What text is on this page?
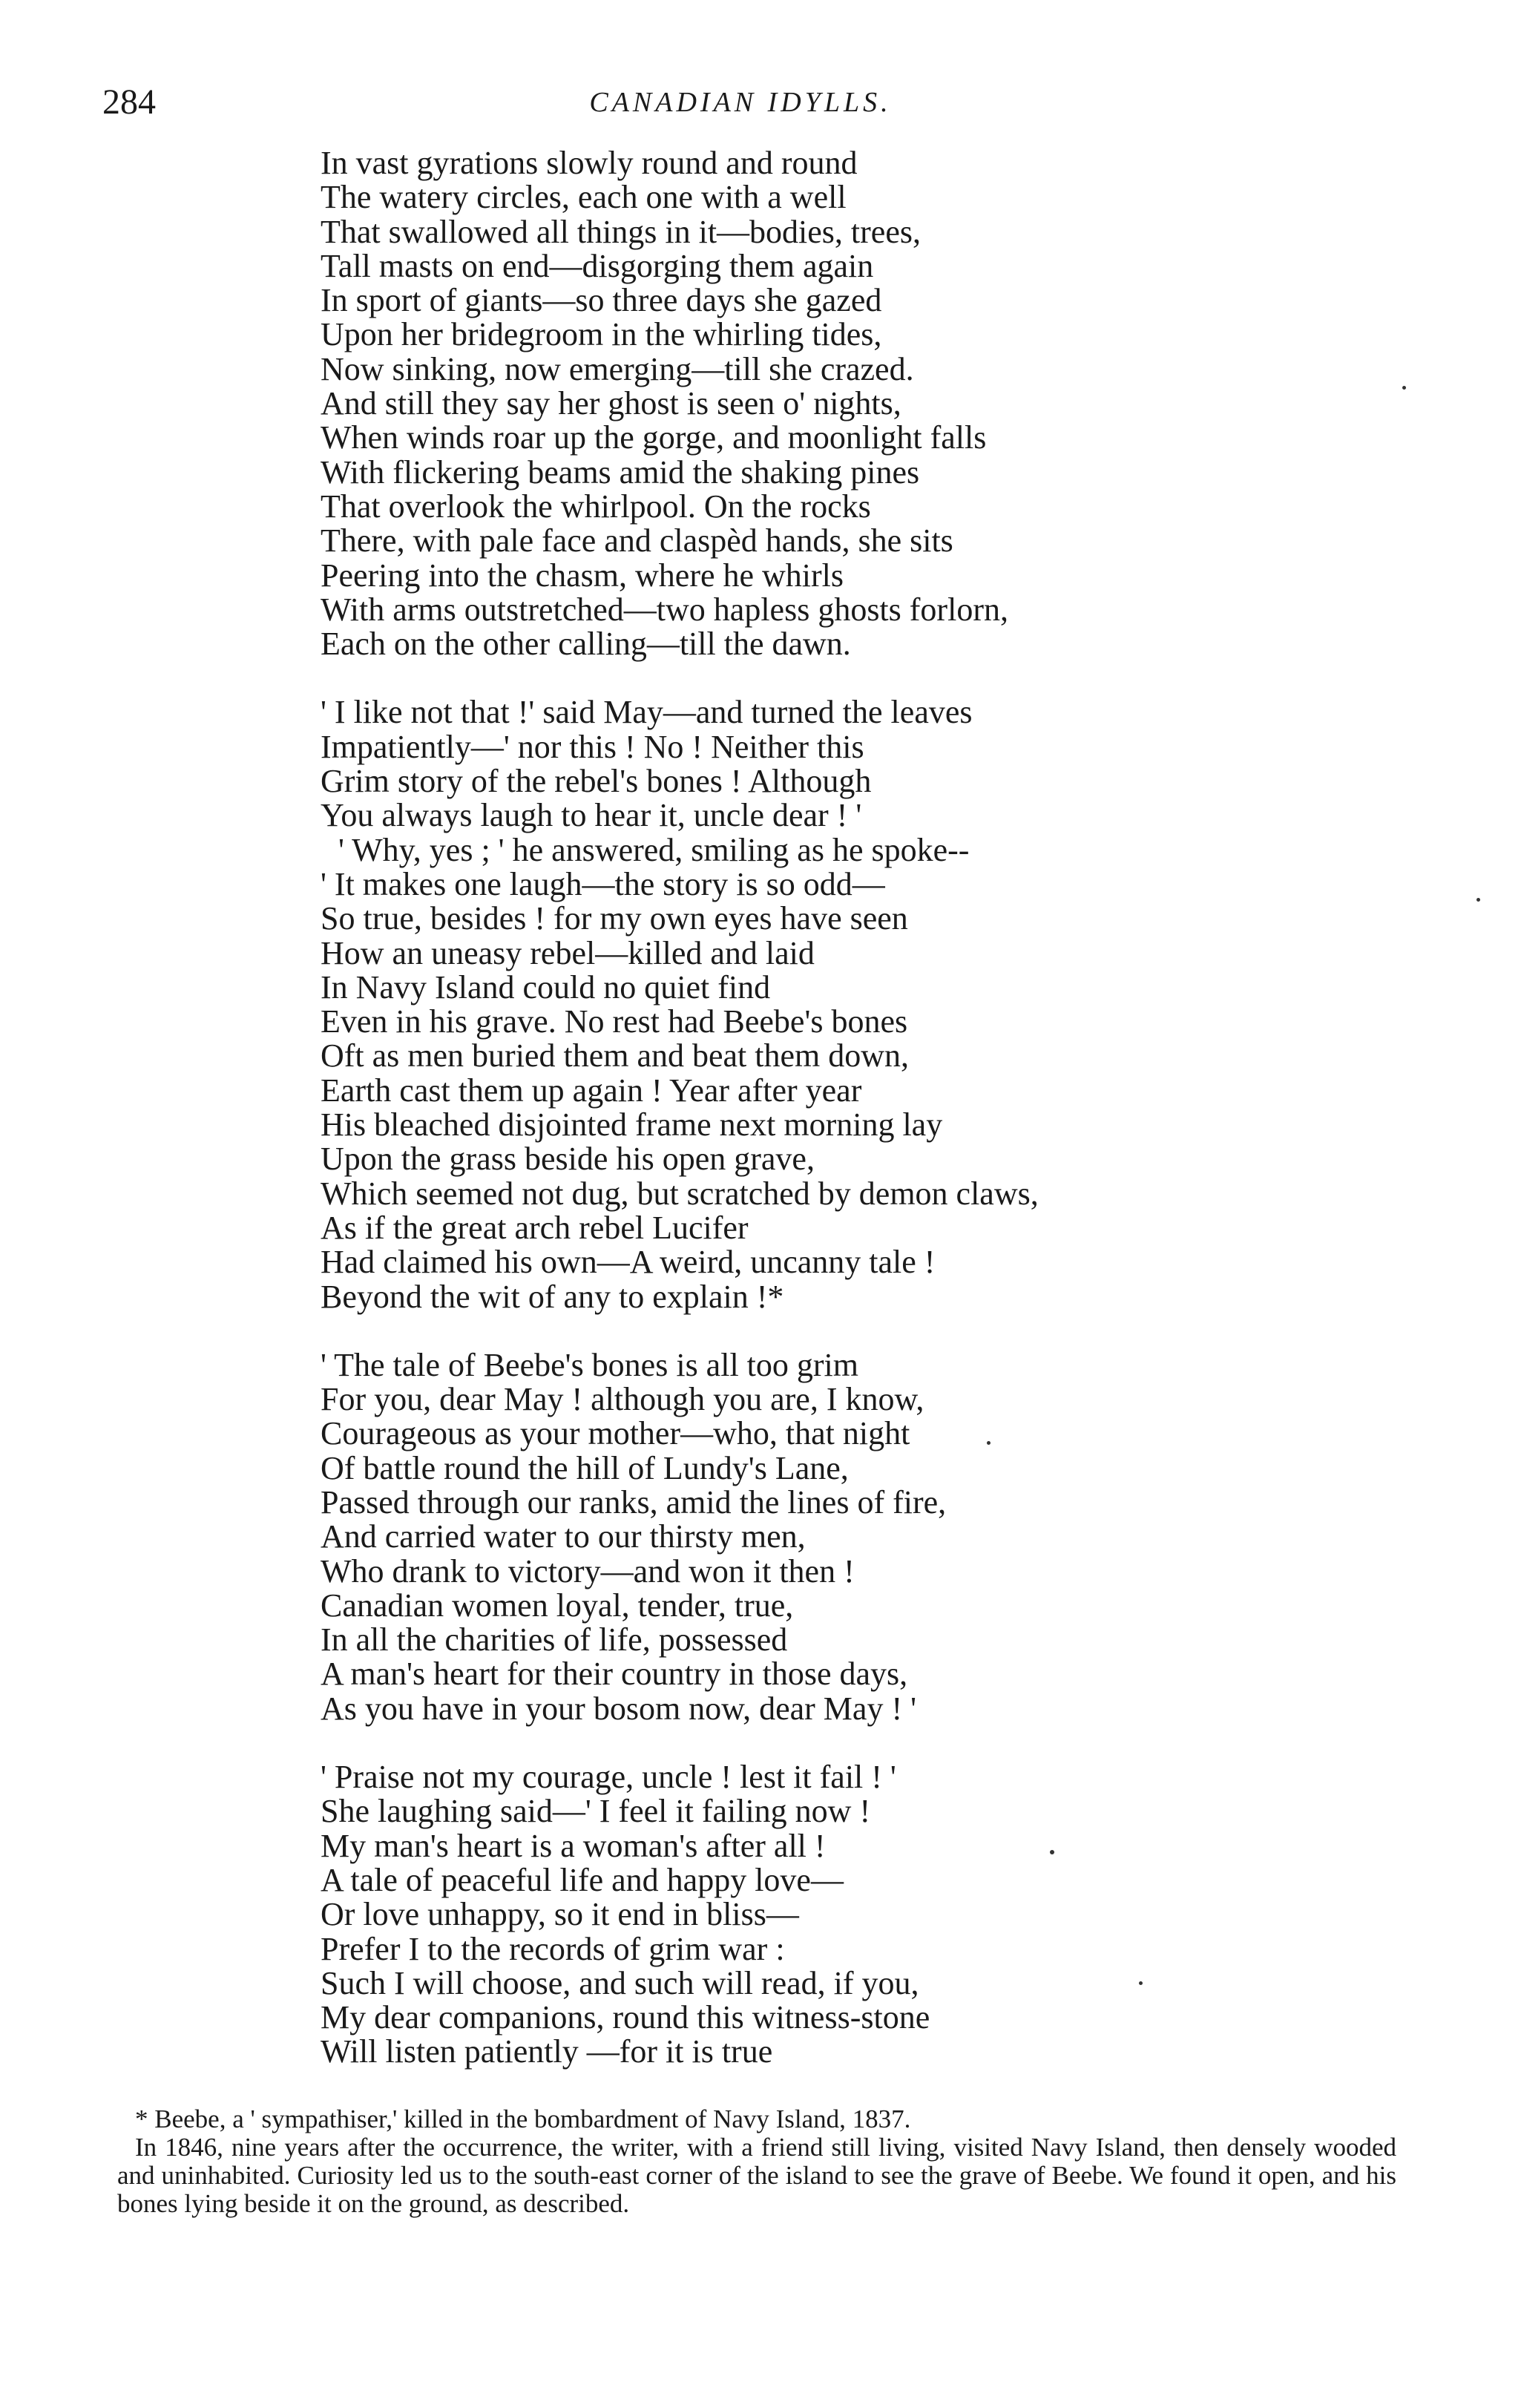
284	CANADIAN IDYLLS.
In vast gyrations slowly round and round
The watery circles, each one with a well
That swallowed all things in it—bodies, trees,
Tall masts on end—disgorging them again
In sport of giants—so three days she gazed
Upon her bridegroom in the whirling tides,
Now sinking, now emerging—till she crazed.
And still they say her ghost is seen o' nights,
When winds roar up the gorge, and moonlight falls
With flickering beams amid the shaking pines
That overlook the whirlpool. On the rocks
There, with pale face and claspèd hands, she sits
Peering into the chasm, where he whirls
With arms outstretched—two hapless ghosts forlorn,
Each on the other calling—till the dawn.
' I like not that !' said May—and turned the leaves
Impatiently—' nor this ! No ! Neither this
Grim story of the rebel's bones ! Although
You always laugh to hear it, uncle dear ! '
' Why, yes ; ' he answered, smiling as he spoke--
' It makes one laugh—the story is so odd—
So true, besides ! for my own eyes have seen
How an uneasy rebel—killed and laid
In Navy Island could no quiet find
Even in his grave. No rest had Beebe's bones
Oft as men buried them and beat them down,
Earth cast them up again ! Year after year
His bleached disjointed frame next morning lay
Upon the grass beside his open grave,
Which seemed not dug, but scratched by demon claws,
As if the great arch rebel Lucifer
Had claimed his own—A weird, uncanny tale !
Beyond the wit of any to explain !*
' The tale of Beebe's bones is all too grim
For you, dear May ! although you are, I know,
Courageous as your mother—who, that night
Of battle round the hill of Lundy's Lane,
Passed through our ranks, amid the lines of fire,
And carried water to our thirsty men,
Who drank to victory—and won it then !
Canadian women loyal, tender, true,
In all the charities of life, possessed
A man's heart for their country in those days,
As you have in your bosom now, dear May ! '
' Praise not my courage, uncle ! lest it fail ! '
She laughing said—' I feel it failing now !
My man's heart is a woman's after all !
A tale of peaceful life and happy love—
Or love unhappy, so it end in bliss—
Prefer I to the records of grim war :
Such I will choose, and such will read, if you,
My dear companions, round this witness-stone
Will listen patiently —for it is true
* Beebe, a ' sympathiser,' killed in the bombardment of Navy Island, 1837.
In 1846, nine years after the occurrence, the writer, with a friend still living, visited Navy Island, then densely wooded and uninhabited. Curiosity led us to the south-east corner of the island to see the grave of Beebe. We found it open, and his bones lying beside it on the ground, as described.
